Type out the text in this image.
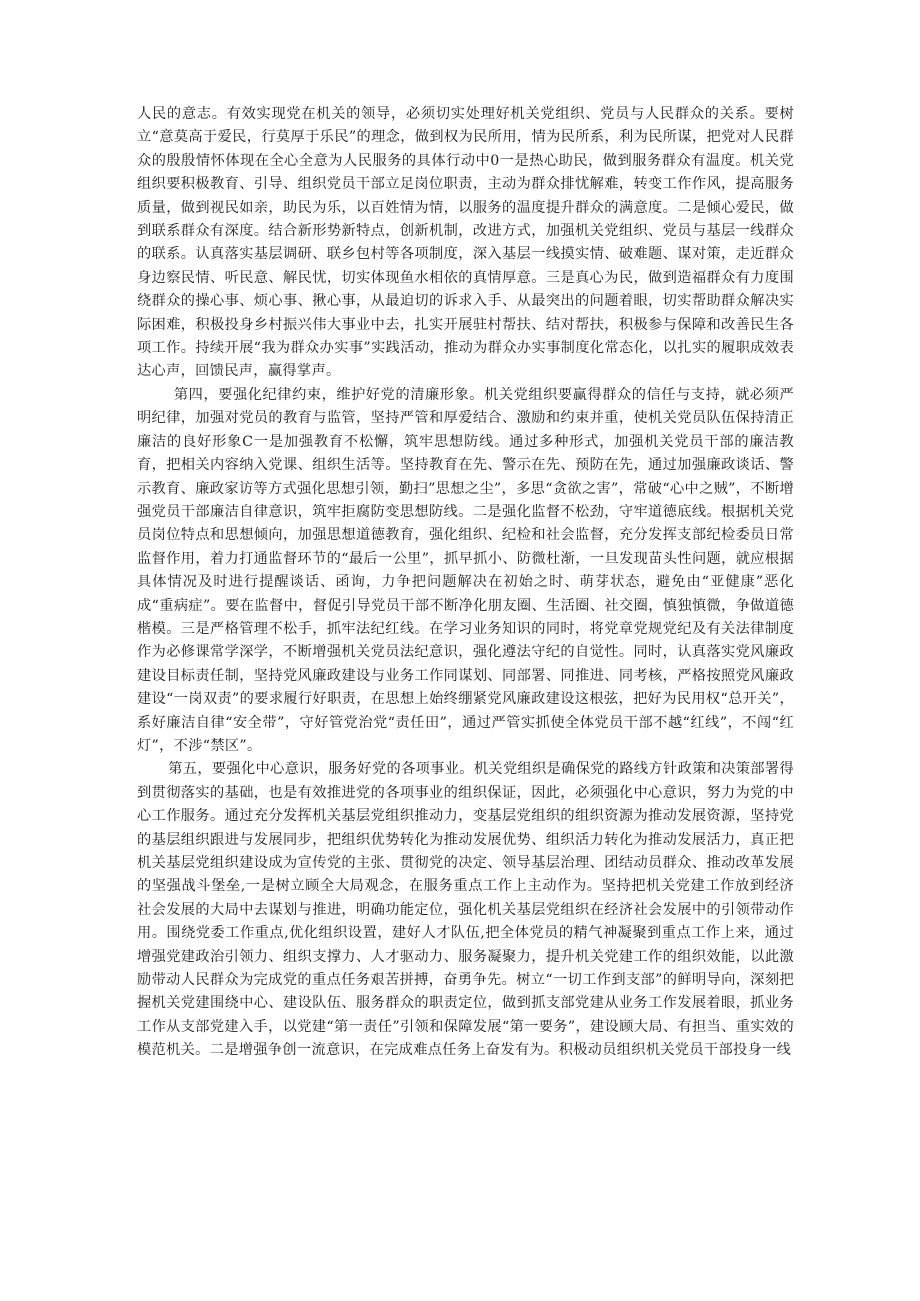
人民的意志。有效实现党在机关的领导，必须切实处理好机关党组织、党员与人民群众的关系。要树立“意莫高于爱民，行莫厚于乐民”的理念，做到权为民所用，情为民所系，利为民所谋，把党对人民群众的殷殷情怀体现在全心全意为人民服务的具体行动中0一是热心助民，做到服务群众有温度。机关党组织要积极教育、引导、组织党员干部立足岗位职责，主动为群众排忧解难，转变工作作风，提高服务质量，做到视民如亲，助民为乐，以百姓情为情，以服务的温度提升群众的满意度。二是倾心爱民，做到联系群众有深度。结合新形势新特点，创新机制，改进方式，加强机关党组织、党员与基层一线群众的联系。认真落实基层调研、联乡包村等各项制度，深入基层一线摸实情、破难题、谋对策，走近群众身边察民情、听民意、解民忧，切实体现鱼水相依的真情厚意。三是真心为民，做到造福群众有力度围绕群众的操心事、烦心事、揪心事，从最迫切的诉求入手、从最突出的问题着眼，切实帮助群众解决实际困难，积极投身乡村振兴伟大事业中去，扎实开展驻村帮扶、结对帮扶，积极参与保障和改善民生各项工作。持续开展“我为群众办实事”实践活动，推动为群众办实事制度化常态化，以扎实的履职成效表达心声，回馈民声，赢得掌声。

第四，要强化纪律约束，维护好党的清廉形象。机关党组织要赢得群众的信任与支持，就必须严明纪律，加强对党员的教育与监管，坚持严管和厚爱结合、激励和约束并重，使机关党员队伍保持清正廉洁的良好形象C一是加强教育不松懈，筑牢思想防线。通过多种形式，加强机关党员干部的廉洁教育，把相关内容纳入党课、组织生活等。坚持教育在先、警示在先、预防在先，通过加强廉政谈话、警示教育、廉政家访等方式强化思想引领，勤扫”思想之尘”，多思“贪欲之害”，常破“心中之贼”，不断增强党员干部廉洁自律意识，筑牢拒腐防变思想防线。二是强化监督不松劲，守牢道德底线。根据机关党员岗位特点和思想倾向，加强思想道德教育，强化组织、纪检和社会监督，充分发挥支部纪检委员日常监督作用，着力打通监督环节的“最后一公里”，抓早抓小、防微杜渐，一旦发现苗头性问题，就应根据具体情况及时进行提醒谈话、函询，力争把问题解决在初始之时、萌芽状态，避免由“亚健康”恶化成“重病症”。要在监督中，督促引导党员干部不断净化朋友圈、生活圈、社交圈，慎独慎微，争做道德楷模。三是严格管理不松手，抓牢法纪红线。在学习业务知识的同时，将党章党规党纪及有关法律制度作为必修课常学深学，不断增强机关党员法纪意识，强化遵法守纪的自觉性。同时，认真落实党风廉政建设目标责任制，坚持党风廉政建设与业务工作同谋划、同部署、同推进、同考核，严格按照党风廉政建设“一岗双责”的要求履行好职责，在思想上始终绷紧党风廉政建设这根弦，把好为民用权“总开关”，系好廉洁自律“安全带”，守好管党治党“责任田”，通过严管实抓使全体党员干部不越“红线”，不闯“红灯”，不涉“禁区”。

第五，要强化中心意识，服务好党的各项事业。机关党组织是确保党的路线方针政策和决策部署得到贯彻落实的基础，也是有效推进党的各项事业的组织保证，因此，必须强化中心意识，努力为党的中心工作服务。通过充分发挥机关基层党组织推动力，变基层党组织的组织资源为推动发展资源，坚持党的基层组织跟进与发展同步，把组织优势转化为推动发展优势、组织活力转化为推动发展活力，真正把机关基层党组织建设成为宣传党的主张、贯彻党的决定、领导基层治理、团结动员群众、推动改革发展的坚强战斗堡垒,一是树立顾全大局观念，在服务重点工作上主动作为。坚持把机关党建工作放到经济社会发展的大局中去谋划与推进，明确功能定位，强化机关基层党组织在经济社会发展中的引领带动作用。围绕党委工作重点,优化组织设置，建好人才队伍,把全体党员的精气神凝聚到重点工作上来，通过增强党建政治引领力、组织支撑力、人才驱动力、服务凝聚力，提升机关党建工作的组织效能，以此激励带动人民群众为完成党的重点任务艰苦拼搏，奋勇争先。树立“一切工作到支部”的鲜明导向，深刻把握机关党建围绕中心、建设队伍、服务群众的职责定位，做到抓支部党建从业务工作发展着眼，抓业务工作从支部党建入手，以党建“第一责任”引领和保障发展“第一要务”，建设顾大局、有担当、重实效的模范机关。二是增强争创一流意识，在完成难点任务上奋发有为。积极动员组织机关党员干部投身一线
